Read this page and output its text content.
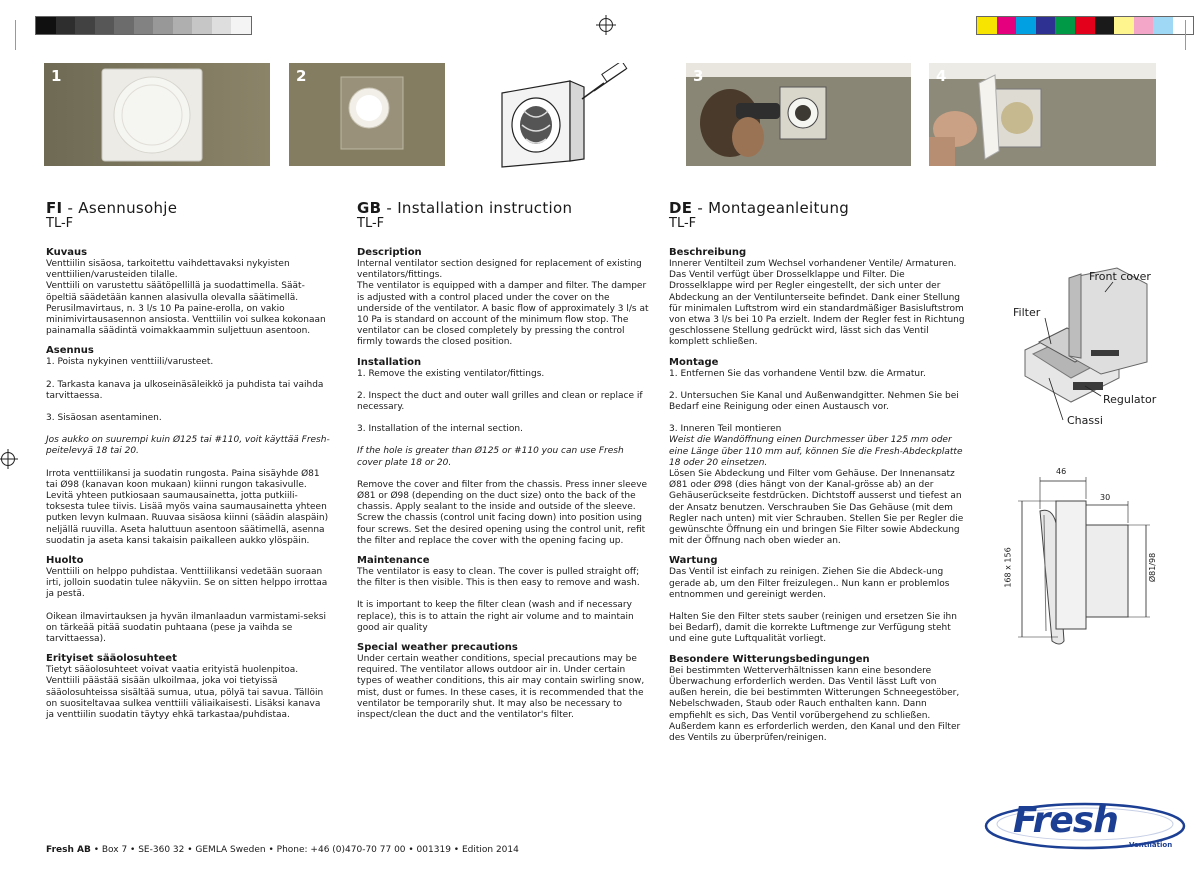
1	2	3	4
FI - Asennusohje
TL-F
Kuvaus

Venttiilin sisäosa, tarkoitettu vaihdettavaksi nykyisten venttiilien/varusteiden tilalle.

Venttiili on varustettu säätöpellillä ja suodattimella. Säät-öpeltiä säädetään kannen alasivulla olevalla säätimellä. Perusilmavirtaus, n. 3 l/s 10 Pa paine-erolla, on vakio minimivirtausasennon ansiosta. Venttiilin voi sulkea kokonaan painamalla säädintä voimakkaammin suljettuun asentoon.

Asennus

1. Poista nykyinen venttiili/varusteet.

2. Tarkasta kanava ja ulkoseinäsäleikkö ja puhdista tai vaihda tarvittaessa.

3. Sisäosan asentaminen.

Jos aukko on suurempi kuin Ø125 tai #110, voit käyttää Fresh-peitelevyä 18 tai 20.

Irrota venttiilikansi ja suodatin rungosta. Paina sisäyhde Ø81 tai Ø98 (kanavan koon mukaan) kiinni rungon takasivulle. Levitä yhteen putkiosaan saumausainetta, jotta putkiili-toksesta tulee tiivis. Lisää myös vaina saumausainetta yhteen putken levyn kulmaan. Ruuvaa sisäosa kiinni (säädin alaspäin) neljällä ruuvilla. Aseta haluttuun asentoon säätimellä, asenna suodatin ja aseta kansi takaisin paikalleen aukko ylöspäin.

Huolto

Venttiili on helppo puhdistaa. Venttiilikansi vedetään suoraan irti, jolloin suodatin tulee näkyviin. Se on sitten helppo irrottaa ja pestä.

Oikean ilmavirtauksen ja hyvän ilmanlaadun varmistami-seksi on tärkeää pitää suodatin puhtaana (pese ja vaihda se tarvittaessa).

Erityiset sääolosuhteet

Tietyt sääolosuhteet voivat vaatia erityistä huolenpitoa. Venttiili päästää sisään ulkoilmaa, joka voi tietyissä sääolosuhteissa sisältää sumua, utua, pölyä tai savua. Tällöin on suositeltavaa sulkea venttiili väliaikaisesti. Lisäksi kanava ja venttiilin suodatin täytyy ehkä tarkastaa/puhdistaa.

GB - Installation instruction
TL-F
Description

Internal ventilator section designed for replacement of existing ventilators/fittings.

The ventilator is equipped with a damper and filter. The damper is adjusted with a control placed under the cover on the underside of the ventilator. A basic flow of approximately 3 l/s at 10 Pa is standard on account of the minimum flow stop. The ventilator can be closed completely by pressing the control firmly towards the closed position.

Installation

1. Remove the existing ventilator/fittings.

2. Inspect the duct and outer wall grilles and clean or replace if necessary.

3. Installation of the internal section.

If the hole is greater than Ø125 or #110 you can use Fresh cover plate 18 or 20.

Remove the cover and filter from the chassis. Press inner sleeve Ø81 or Ø98 (depending on the duct size) onto the back of the chassis. Apply sealant to the inside and outside of the sleeve. Screw the chassis (control unit facing down) into position using four screws. Set the desired opening using the control unit, refit the filter and replace the cover with the opening facing up.

Maintenance

The ventilator is easy to clean. The cover is pulled straight off; the filter is then visible. This is then easy to remove and wash.

It is important to keep the filter clean (wash and if necessary replace), this is to attain the right air volume and to maintain good air quality

Special weather precautions

Under certain weather conditions, special precautions may be required. The ventilator allows outdoor air in. Under certain types of weather conditions, this air may contain swirling snow, mist, dust or fumes. In these cases, it is recommended that the ventilator be temporarily shut. It may also be necessary to inspect/clean the duct and the ventilator's filter.

DE - Montageanleitung
TL-F
Beschreibung

Innerer Ventilteil zum Wechsel vorhandener Ventile/ Armaturen.

Das Ventil verfügt über Drosselklappe und Filter. Die Drosselklappe wird per Regler eingestellt, der sich unter der Abdeckung an der Ventilunterseite befindet. Dank einer Stellung für minimalen Luftstrom wird ein standardmäßiger Basisluftstrom von etwa 3 l/s bei 10 Pa erzielt. Indem der Regler fest in Richtung geschlossene Stellung gedrückt wird, lässt sich das Ventil komplett schließen.

Montage

1. Entfernen Sie das vorhandene Ventil bzw. die Armatur.

2. Untersuchen Sie Kanal und Außenwandgitter. Nehmen Sie bei Bedarf eine Reinigung oder einen Austausch vor.

3. Inneren Teil montieren

Weist die Wandöffnung einen Durchmesser über 125 mm oder eine Länge über 110 mm auf, können Sie die Fresh-Abdeckplatte 18 oder 20 einsetzen.

Lösen Sie Abdeckung und Filter vom Gehäuse. Der Innenansatz Ø81 oder Ø98 (dies hängt von der Kanal-grösse ab) an der Gehäuserückseite festdrücken. Dichtstoff ausserst und tiefest an der Ansatz benutzen. Verschrauben Sie Das Gehäuse (mit dem Regler nach unten) mit vier Schrauben. Stellen Sie per Regler die gewünschte Öffnung ein und bringen Sie Filter sowie Abdeckung mit der Öffnung nach oben wieder an.

Wartung

Das Ventil ist einfach zu reinigen. Ziehen Sie die Abdeck-ung gerade ab, um den Filter freizulegen.. Nun kann er problemlos entnommen und gereinigt werden.

Halten Sie den Filter stets sauber (reinigen und ersetzen Sie ihn bei Bedarf), damit die korrekte Luftmenge zur Verfügung steht und eine gute Luftqualität vorliegt.

Besondere Witterungsbedingungen

Bei bestimmten Wetterverhältnissen kann eine besondere Überwachung erforderlich werden. Das Ventil lässt Luft von außen herein, die bei bestimmten Witterungen Schneegestöber, Nebelschwaden, Staub oder Rauch enthalten kann. Dann empfiehlt es sich, Das Ventil vorübergehend zu schließen. Außerdem kann es erforderlich werden, den Kanal und den Filter des Ventils zu überprüfen/reinigen.

Front cover
Filter
Regulator
Chassi
46
30
168 x 156	Ø81/98
Fresh AB • Box 7 • SE-360 32 • GEMLA Sweden • Phone: +46 (0)470-70 77 00 • 001319 • Edition 2014
Fresh
Ventilation
